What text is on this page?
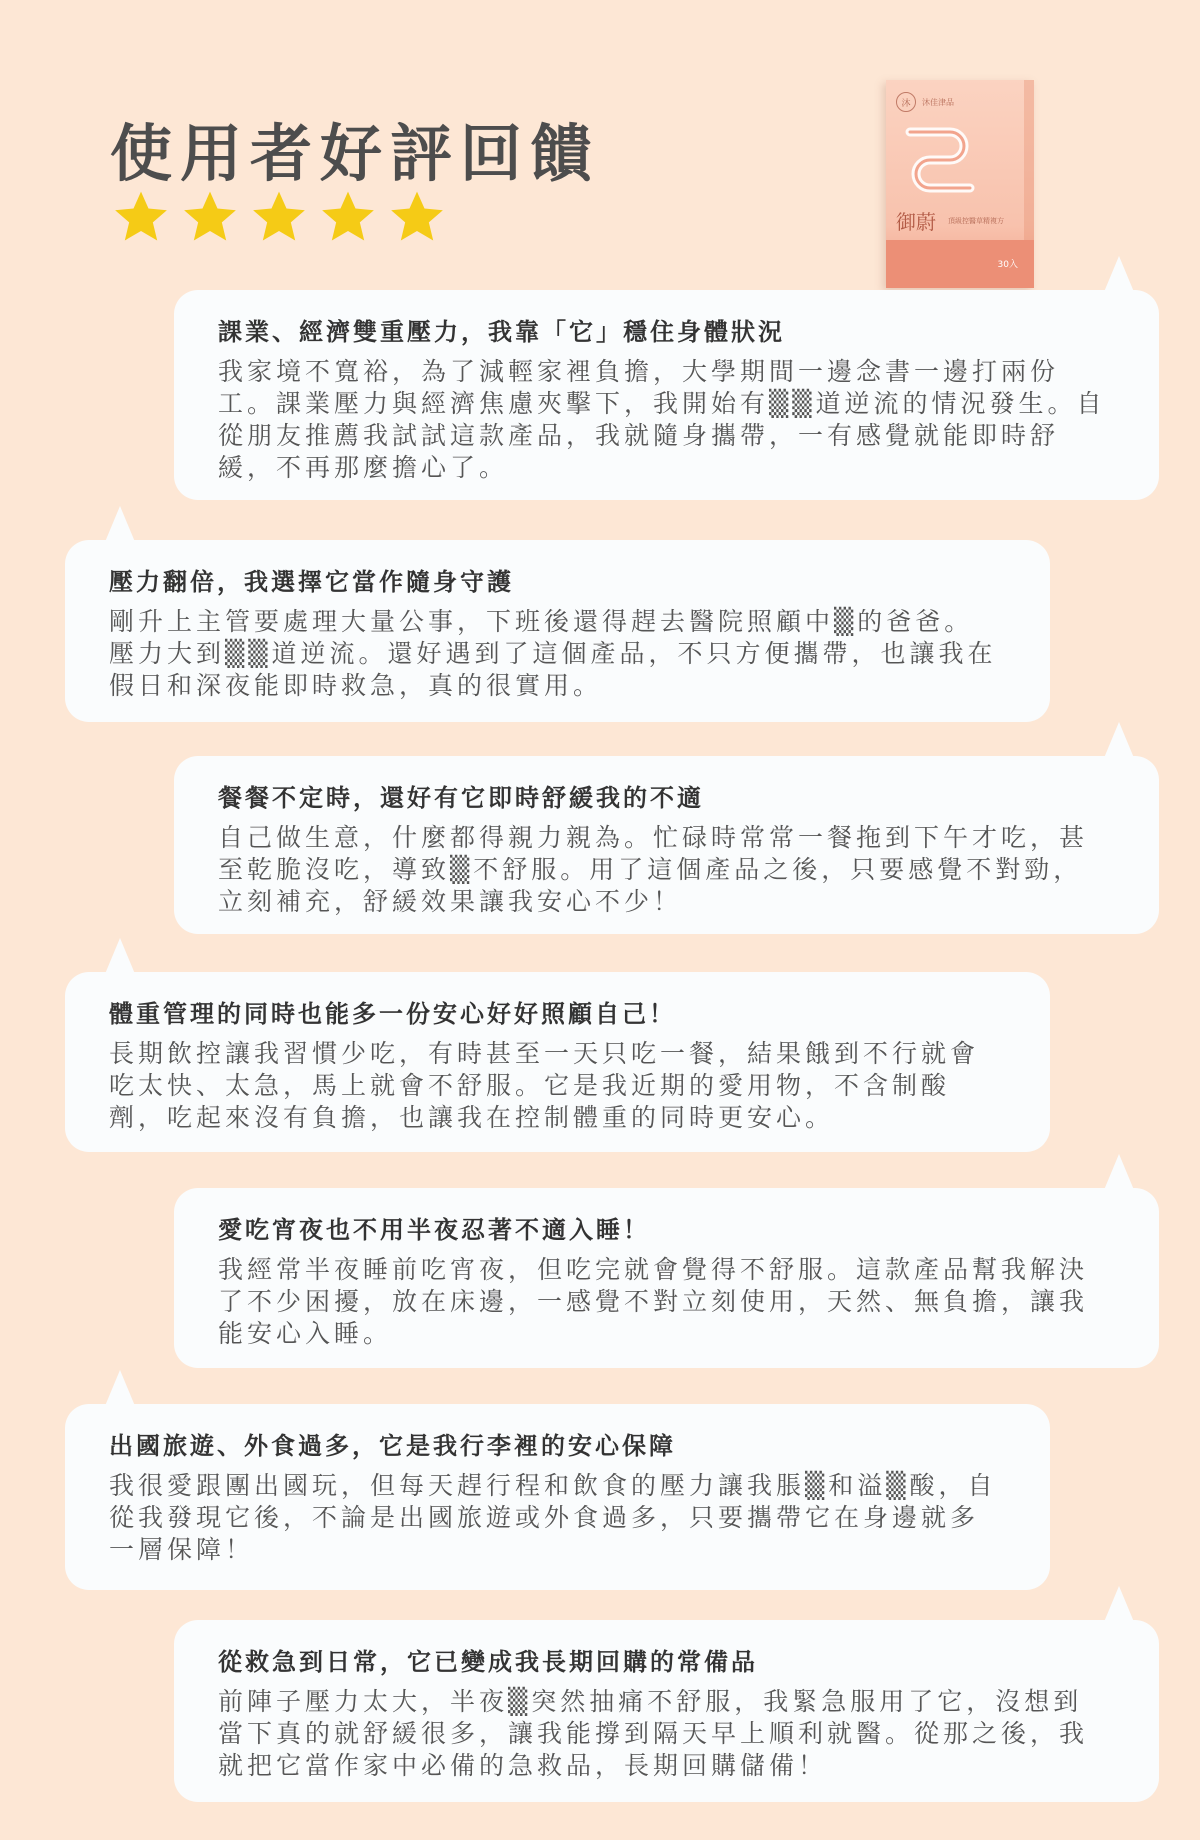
使用者好評回饋
沐	沐佳津品
御蔚 頂級控醫草精複方
30入
課業、經濟雙重壓力，我靠「它」穩住身體狀況

我家境不寬裕，為了減輕家裡負擔，大學期間一邊念書一邊打兩份工。課業壓力與經濟焦慮夾擊下，我開始有▒▒道逆流的情況發生。自從朋友推薦我試試這款產品，我就隨身攜帶，一有感覺就能即時舒緩，不再那麼擔心了。

壓力翻倍，我選擇它當作隨身守護

剛升上主管要處理大量公事，下班後還得趕去醫院照顧中▒的爸爸。壓力大到▒▒道逆流。還好遇到了這個產品，不只方便攜帶，也讓我在假日和深夜能即時救急，真的很實用。

餐餐不定時，還好有它即時舒緩我的不適

自己做生意，什麼都得親力親為。忙碌時常常一餐拖到下午才吃，甚至乾脆沒吃，導致▒不舒服。用了這個產品之後，只要感覺不對勁，立刻補充，舒緩效果讓我安心不少！

體重管理的同時也能多一份安心好好照顧自己！

長期飲控讓我習慣少吃，有時甚至一天只吃一餐，結果餓到不行就會吃太快、太急，馬上就會不舒服。它是我近期的愛用物，不含制酸劑，吃起來沒有負擔，也讓我在控制體重的同時更安心。

愛吃宵夜也不用半夜忍著不適入睡！

我經常半夜睡前吃宵夜，但吃完就會覺得不舒服。這款產品幫我解決了不少困擾，放在床邊，一感覺不對立刻使用，天然、無負擔，讓我能安心入睡。

出國旅遊、外食過多，它是我行李裡的安心保障

我很愛跟團出國玩，但每天趕行程和飲食的壓力讓我脹▒和溢▒酸，自從我發現它後，不論是出國旅遊或外食過多，只要攜帶它在身邊就多一層保障！

從救急到日常，它已變成我長期回購的常備品

前陣子壓力太大，半夜▒突然抽痛不舒服，我緊急服用了它，沒想到當下真的就舒緩很多，讓我能撐到隔天早上順利就醫。從那之後，我就把它當作家中必備的急救品，長期回購儲備！
